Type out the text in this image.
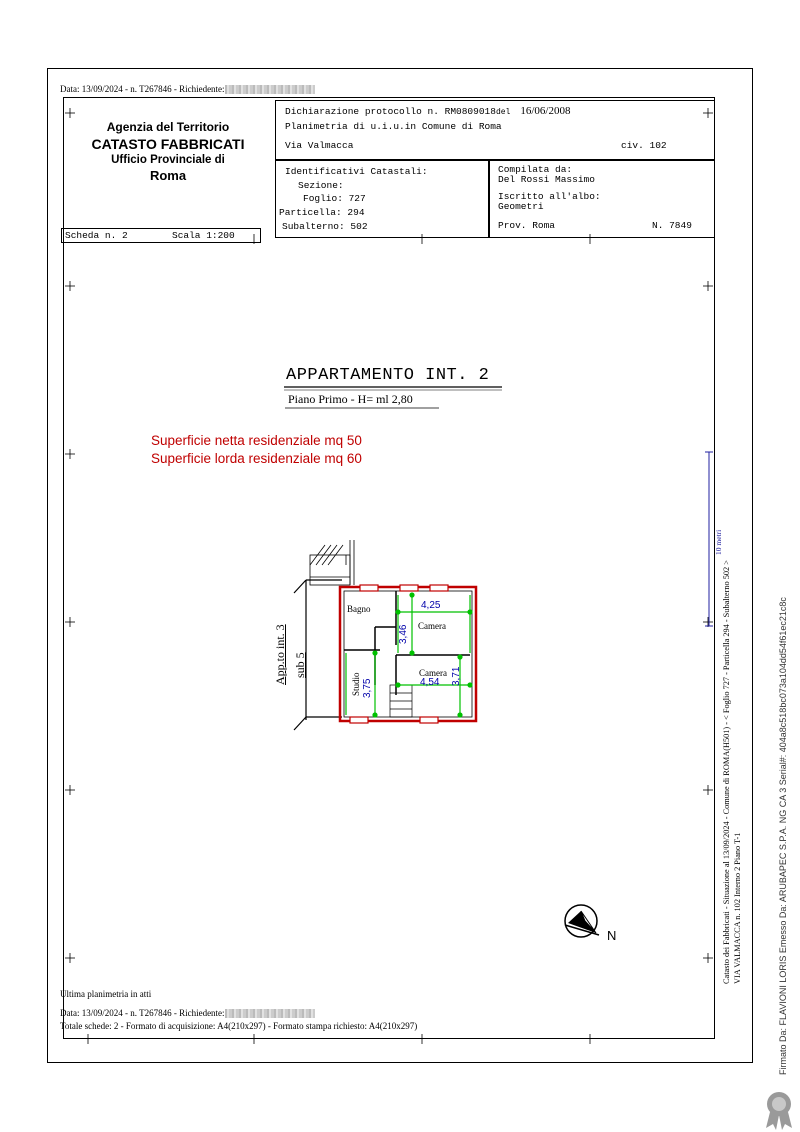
Data: 13/09/2024 - n. T267846 - Richiedente:
Agenzia del Territorio
CATASTO FABBRICATI
Ufficio Provinciale di
Roma
Dichiarazione protocollo n. RM0809018del 16/06/2008
Planimetria di u.i.u.in Comune di Roma
Via Valmacca	civ. 102
Identificativi Catastali:
Sezione:
Foglio: 727
Particella: 294
Subalterno: 502
Compilata da:
Del Rossi Massimo
Iscritto all'albo:
Geometri
Prov. Roma	N. 7849
Scheda n. 2	Scala 1:200
APPARTAMENTO INT. 2
Piano Primo - H= ml 2,80
Superficie netta residenziale mq 50
Superficie lorda residenziale mq 60
Bagno
Camera
Camera
4,25
4,54
3,46
3,71
3,75
Studio
App.to int. 3 sub 5
N
10 metri
Catasto dei Fabbricati - Situazione al 13/09/2024 - Comune di ROMA(H501) - < Foglio 727 - Particella 294 - Subalterno 502 > VIA VALMACCA n. 102 Interno 2 Piano T-1
Ultima planimetria in atti
Data: 13/09/2024 - n. T267846 - Richiedente:
Totale schede: 2 - Formato di acquisizione: A4(210x297) - Formato stampa richiesto: A4(210x297)	Firmato Da: FLAVIONI LORIS Emesso Da: ARUBAPEC S.P.A. NG CA 3 Serial#: 404a8c518bc073a104dd54f61ec21c8c
